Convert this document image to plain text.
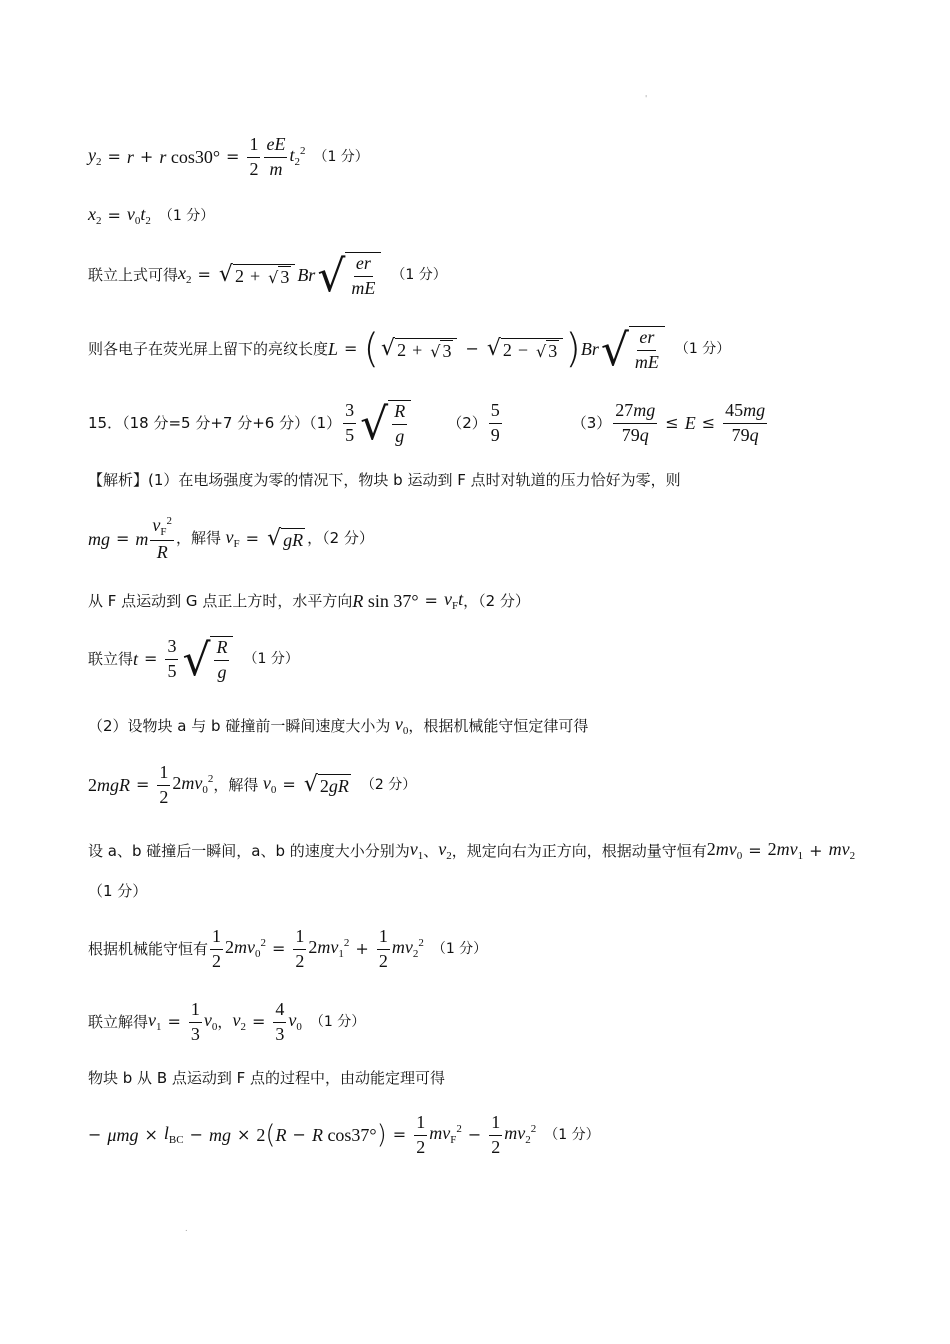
'
$y_2 = r + r$ $\cos 30^\circ = \frac{1}{2} \frac{eE}{m} t_2^2$ （1 分）
$x_2 = v_0t_2$ （1 分）
联立上式可得 $x_2$ = √ 2 + √ 3 Br √ $\frac{er}{mE} (1$ 分）
则各电子在荧光屏上留下的亮纹长度 L = ( √ 2 + √ 3 − √ 2 − √ 3 ) Br √ $\frac{er}{mE} (1$ 分）
15．（18 分=5 分+7 分+6 分）$(1) \frac{3}{5}$ √ $\frac{R}{g}$	$(2) \frac{5}{9}$	$(3) \frac{27mg}{79q} \le E \le \frac{45mg}{79q}$
【解析】(1）在电场强度为零的情况下，物块 b 运动到 F 点时对轨道的压力恰好为零，则
mg = m $\frac{v_F^2}{R}$ ，解得 $v_F$ = √ gR ，（2 分）
从 F 点运动到 G 点正上方时，水平方向 R $\sin 37^\circ = v_Ft$ ，（2 分）
联立得 $t = \frac{3}{5}$ √ $\frac{R}{g} (1$ 分）
（2）设物块 a 与 b 碰撞前一瞬间速度大小为 $v_0$ ，根据机械能守恒定律可得
$2mgR = \frac{1}{2} 2mv_0^2$ ，解得 $v_0$ = √ 2 gR （2 分）
设 a、b 碰撞后一瞬间，a、b 的速度大小分别为 $v_1$ 、 $v_2$ ，规定向右为正方向，根据动量守恒有 $2mv_0 = 2mv_1 + mv_2$
（1 分）
根据机械能守恒有 $\frac{1}{2} 2mv_0^2 = \frac{1}{2} 2mv_1^2 + \frac{1}{2} mv_2^2$ （1 分）
联立解得 $v_1 = \frac{1}{3} v_0$ ， $v_2 = \frac{4}{3} v_0$ （1 分）
物块 b 从 B 点运动到 F 点的过程中，由动能定理可得
− $\mu mg \times l_{BC}$ − mg × 2 ( R − R cos37° ) = $\frac{1}{2} mv_F^2 - \frac{1}{2} mv_2^2$ （1 分）
.
